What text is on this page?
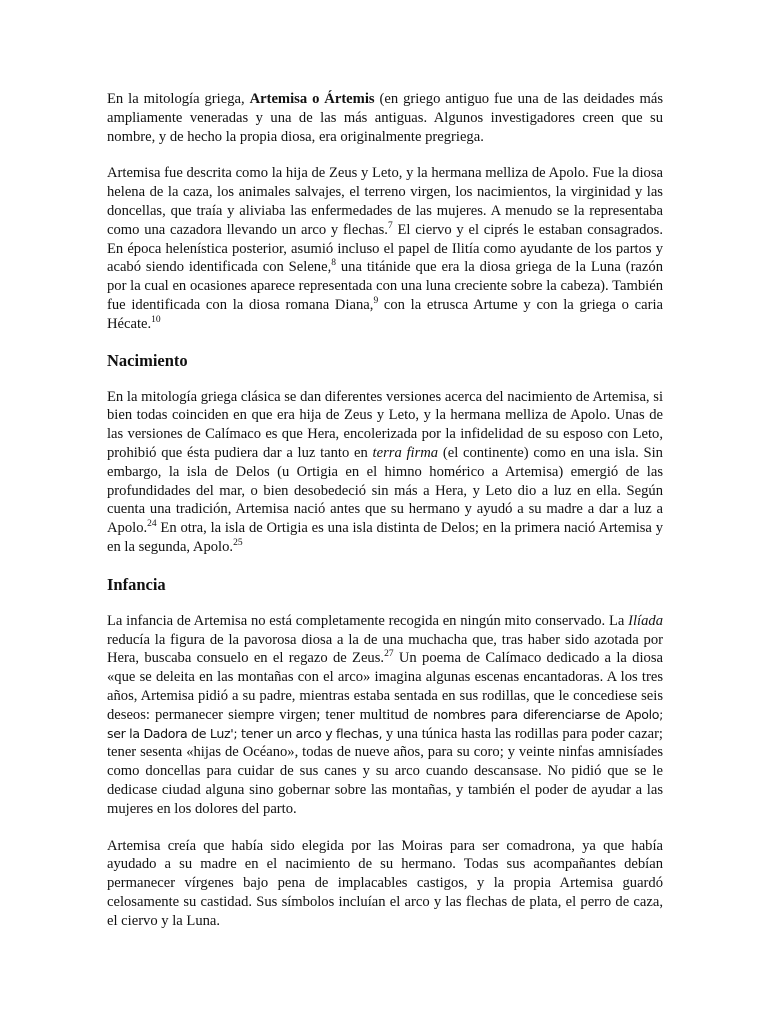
En la mitología griega, Artemisa o Ártemis (en griego antiguo fue una de las deidades más ampliamente veneradas y una de las más antiguas. Algunos investigadores creen que su nombre, y de hecho la propia diosa, era originalmente pregriega.

Artemisa fue descrita como la hija de Zeus y Leto, y la hermana melliza de Apolo. Fue la diosa helena de la caza, los animales salvajes, el terreno virgen, los nacimientos, la virginidad y las doncellas, que traía y aliviaba las enfermedades de las mujeres. A menudo se la representaba como una cazadora llevando un arco y flechas.$^7$ El ciervo y el ciprés le estaban consagrados. En época helenística posterior, asumió incluso el papel de Ilitía como ayudante de los partos y acabó siendo identificada con Selene,$^8$ una titánide que era la diosa griega de la Luna (razón por la cual en ocasiones aparece representada con una luna creciente sobre la cabeza). También fue identificada con la diosa romana Diana,$^9$ con la etrusca Artume y con la griega o caria Hécate.$^{10}$

Nacimiento

En la mitología griega clásica se dan diferentes versiones acerca del nacimiento de Artemisa, si bien todas coinciden en que era hija de Zeus y Leto, y la hermana melliza de Apolo. Unas de las versiones de Calímaco es que Hera, encolerizada por la infidelidad de su esposo con Leto, prohibió que ésta pudiera dar a luz tanto en terra firma (el continente) como en una isla. Sin embargo, la isla de Delos (u Ortigia en el himno homérico a Artemisa) emergió de las profundidades del mar, o bien desobedeció sin más a Hera, y Leto dio a luz en ella. Según cuenta una tradición, Artemisa nació antes que su hermano y ayudó a su madre a dar a luz a Apolo.$^{24}$ En otra, la isla de Ortigia es una isla distinta de Delos; en la primera nació Artemisa y en la segunda, Apolo.$^{25}$

Infancia

La infancia de Artemisa no está completamente recogida en ningún mito conservado. La Ilíada reducía la figura de la pavorosa diosa a la de una muchacha que, tras haber sido azotada por Hera, buscaba consuelo en el regazo de Zeus.$^{27}$ Un poema de Calímaco dedicado a la diosa «que se deleita en las montañas con el arco» imagina algunas escenas encantadoras. A los tres años, Artemisa pidió a su padre, mientras estaba sentada en sus rodillas, que le concediese seis deseos: permanecer siempre virgen; tener multitud de nombres para diferenciarse de Apolo; ser la Dadora de Luz'; tener un arco y flechas, y una túnica hasta las rodillas para poder cazar; tener sesenta «hijas de Océano», todas de nueve años, para su coro; y veinte ninfas amnisíades como doncellas para cuidar de sus canes y su arco cuando descansase. No pidió que se le dedicase ciudad alguna sino gobernar sobre las montañas, y también el poder de ayudar a las mujeres en los dolores del parto.

Artemisa creía que había sido elegida por las Moiras para ser comadrona, ya que había ayudado a su madre en el nacimiento de su hermano. Todas sus acompañantes debían permanecer vírgenes bajo pena de implacables castigos, y la propia Artemisa guardó celosamente su castidad. Sus símbolos incluían el arco y las flechas de plata, el perro de caza, el ciervo y la Luna.
